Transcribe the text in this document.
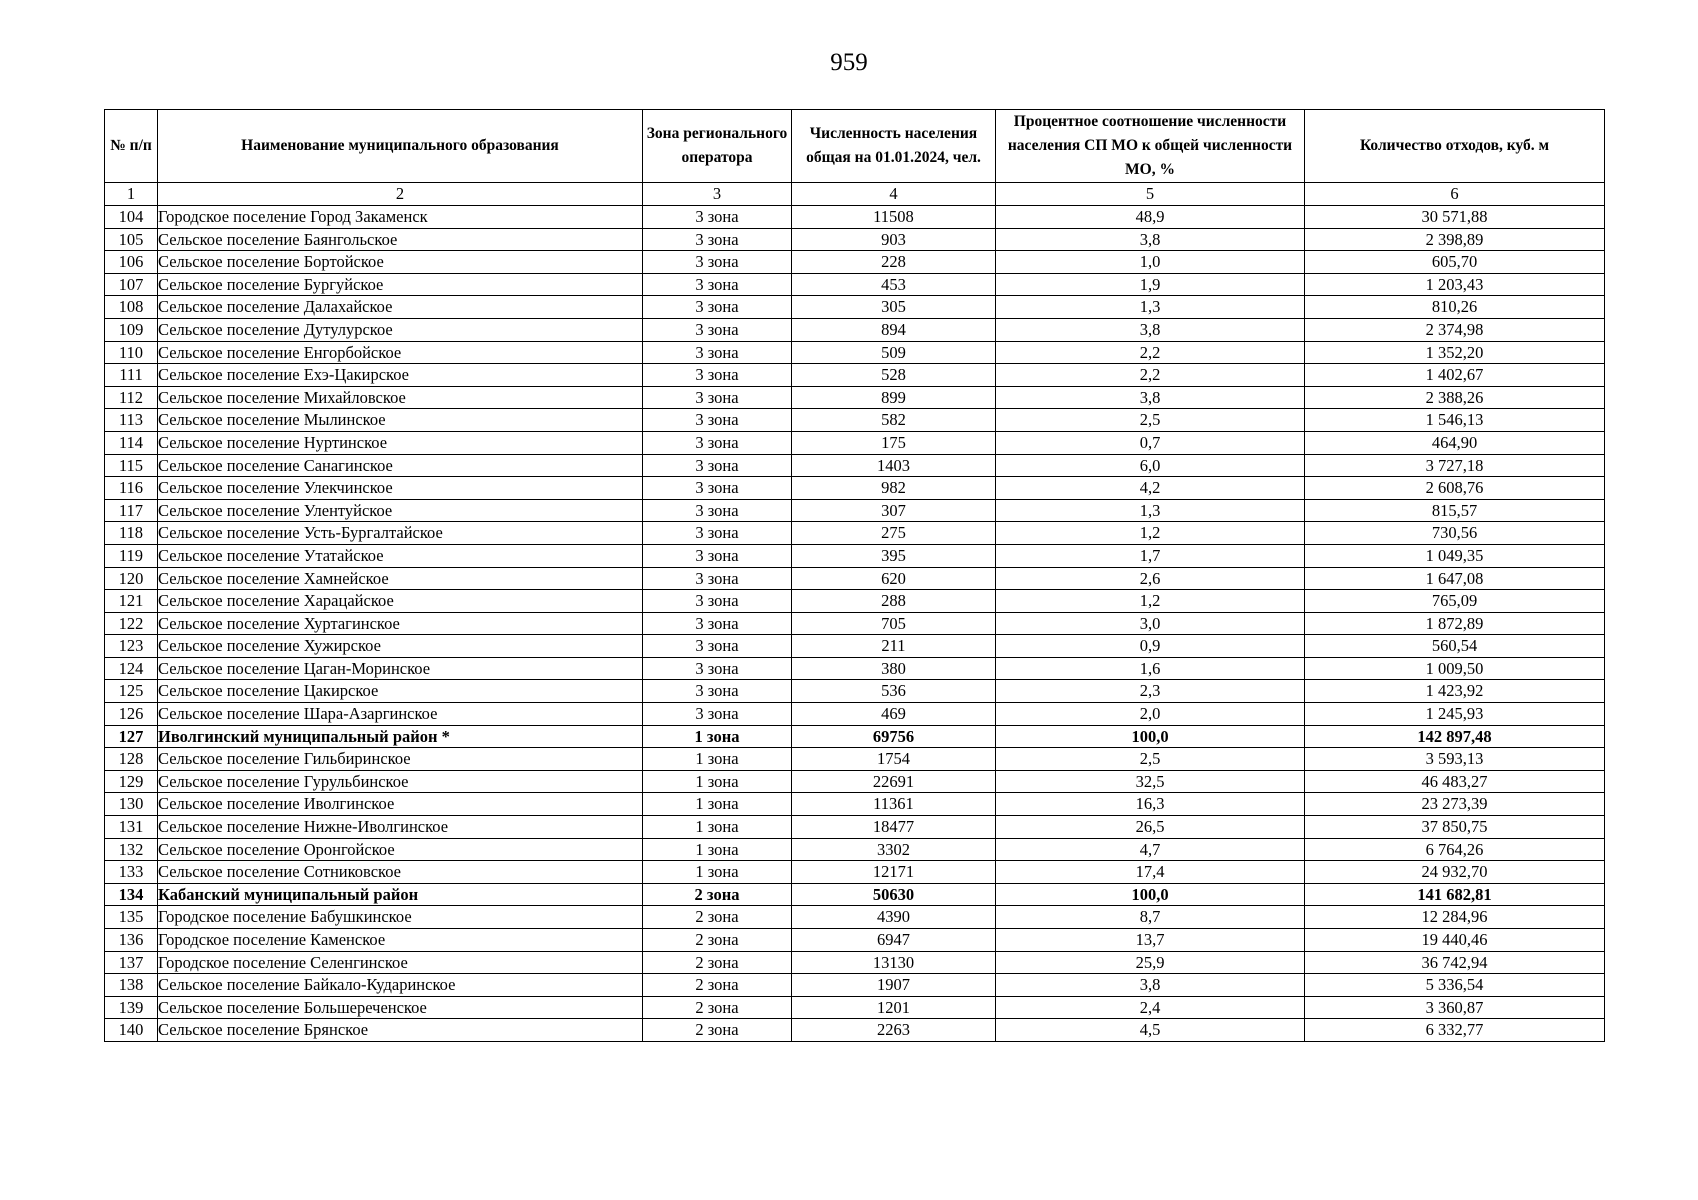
959
№ п/п	Наименование муниципального образования	Зона регионального оператора	Численность населения общая на 01.01.2024, чел.	Процентное соотношение численности населения СП МО к общей численности МО, %	Количество отходов, куб. м
1	2	3	4	5	6
104	Городское поселение Город Закаменск	3 зона	11508	48,9	30 571,88
105	Сельское поселение Баянгольское	3 зона	903	3,8	2 398,89
106	Сельское поселение Бортойское	3 зона	228	1,0	605,70
107	Сельское поселение Бургуйское	3 зона	453	1,9	1 203,43
108	Сельское поселение Далахайское	3 зона	305	1,3	810,26
109	Сельское поселение Дутулурское	3 зона	894	3,8	2 374,98
110	Сельское поселение Енгорбойское	3 зона	509	2,2	1 352,20
111	Сельское поселение Ехэ-Цакирское	3 зона	528	2,2	1 402,67
112	Сельское поселение Михайловское	3 зона	899	3,8	2 388,26
113	Сельское поселение Мылинское	3 зона	582	2,5	1 546,13
114	Сельское поселение Нуртинское	3 зона	175	0,7	464,90
115	Сельское поселение Санагинское	3 зона	1403	6,0	3 727,18
116	Сельское поселение Улекчинское	3 зона	982	4,2	2 608,76
117	Сельское поселение Улентуйское	3 зона	307	1,3	815,57
118	Сельское поселение Усть-Бургалтайское	3 зона	275	1,2	730,56
119	Сельское поселение Утатайское	3 зона	395	1,7	1 049,35
120	Сельское поселение Хамнейское	3 зона	620	2,6	1 647,08
121	Сельское поселение Харацайское	3 зона	288	1,2	765,09
122	Сельское поселение Хуртагинское	3 зона	705	3,0	1 872,89
123	Сельское поселение Хужирское	3 зона	211	0,9	560,54
124	Сельское поселение Цаган-Моринское	3 зона	380	1,6	1 009,50
125	Сельское поселение Цакирское	3 зона	536	2,3	1 423,92
126	Сельское поселение Шара-Азаргинское	3 зона	469	2,0	1 245,93
127	Иволгинский муниципальный район *	1 зона	69756	100,0	142 897,48
128	Сельское поселение Гильбиринское	1 зона	1754	2,5	3 593,13
129	Сельское поселение Гурульбинское	1 зона	22691	32,5	46 483,27
130	Сельское поселение Иволгинское	1 зона	11361	16,3	23 273,39
131	Сельское поселение Нижне-Иволгинское	1 зона	18477	26,5	37 850,75
132	Сельское поселение Оронгойское	1 зона	3302	4,7	6 764,26
133	Сельское поселение Сотниковское	1 зона	12171	17,4	24 932,70
134	Кабанский муниципальный район	2 зона	50630	100,0	141 682,81
135	Городское поселение Бабушкинское	2 зона	4390	8,7	12 284,96
136	Городское поселение Каменское	2 зона	6947	13,7	19 440,46
137	Городское поселение Селенгинское	2 зона	13130	25,9	36 742,94
138	Сельское поселение Байкало-Кударинское	2 зона	1907	3,8	5 336,54
139	Сельское поселение Большереченское	2 зона	1201	2,4	3 360,87
140	Сельское поселение Брянское	2 зона	2263	4,5	6 332,77
